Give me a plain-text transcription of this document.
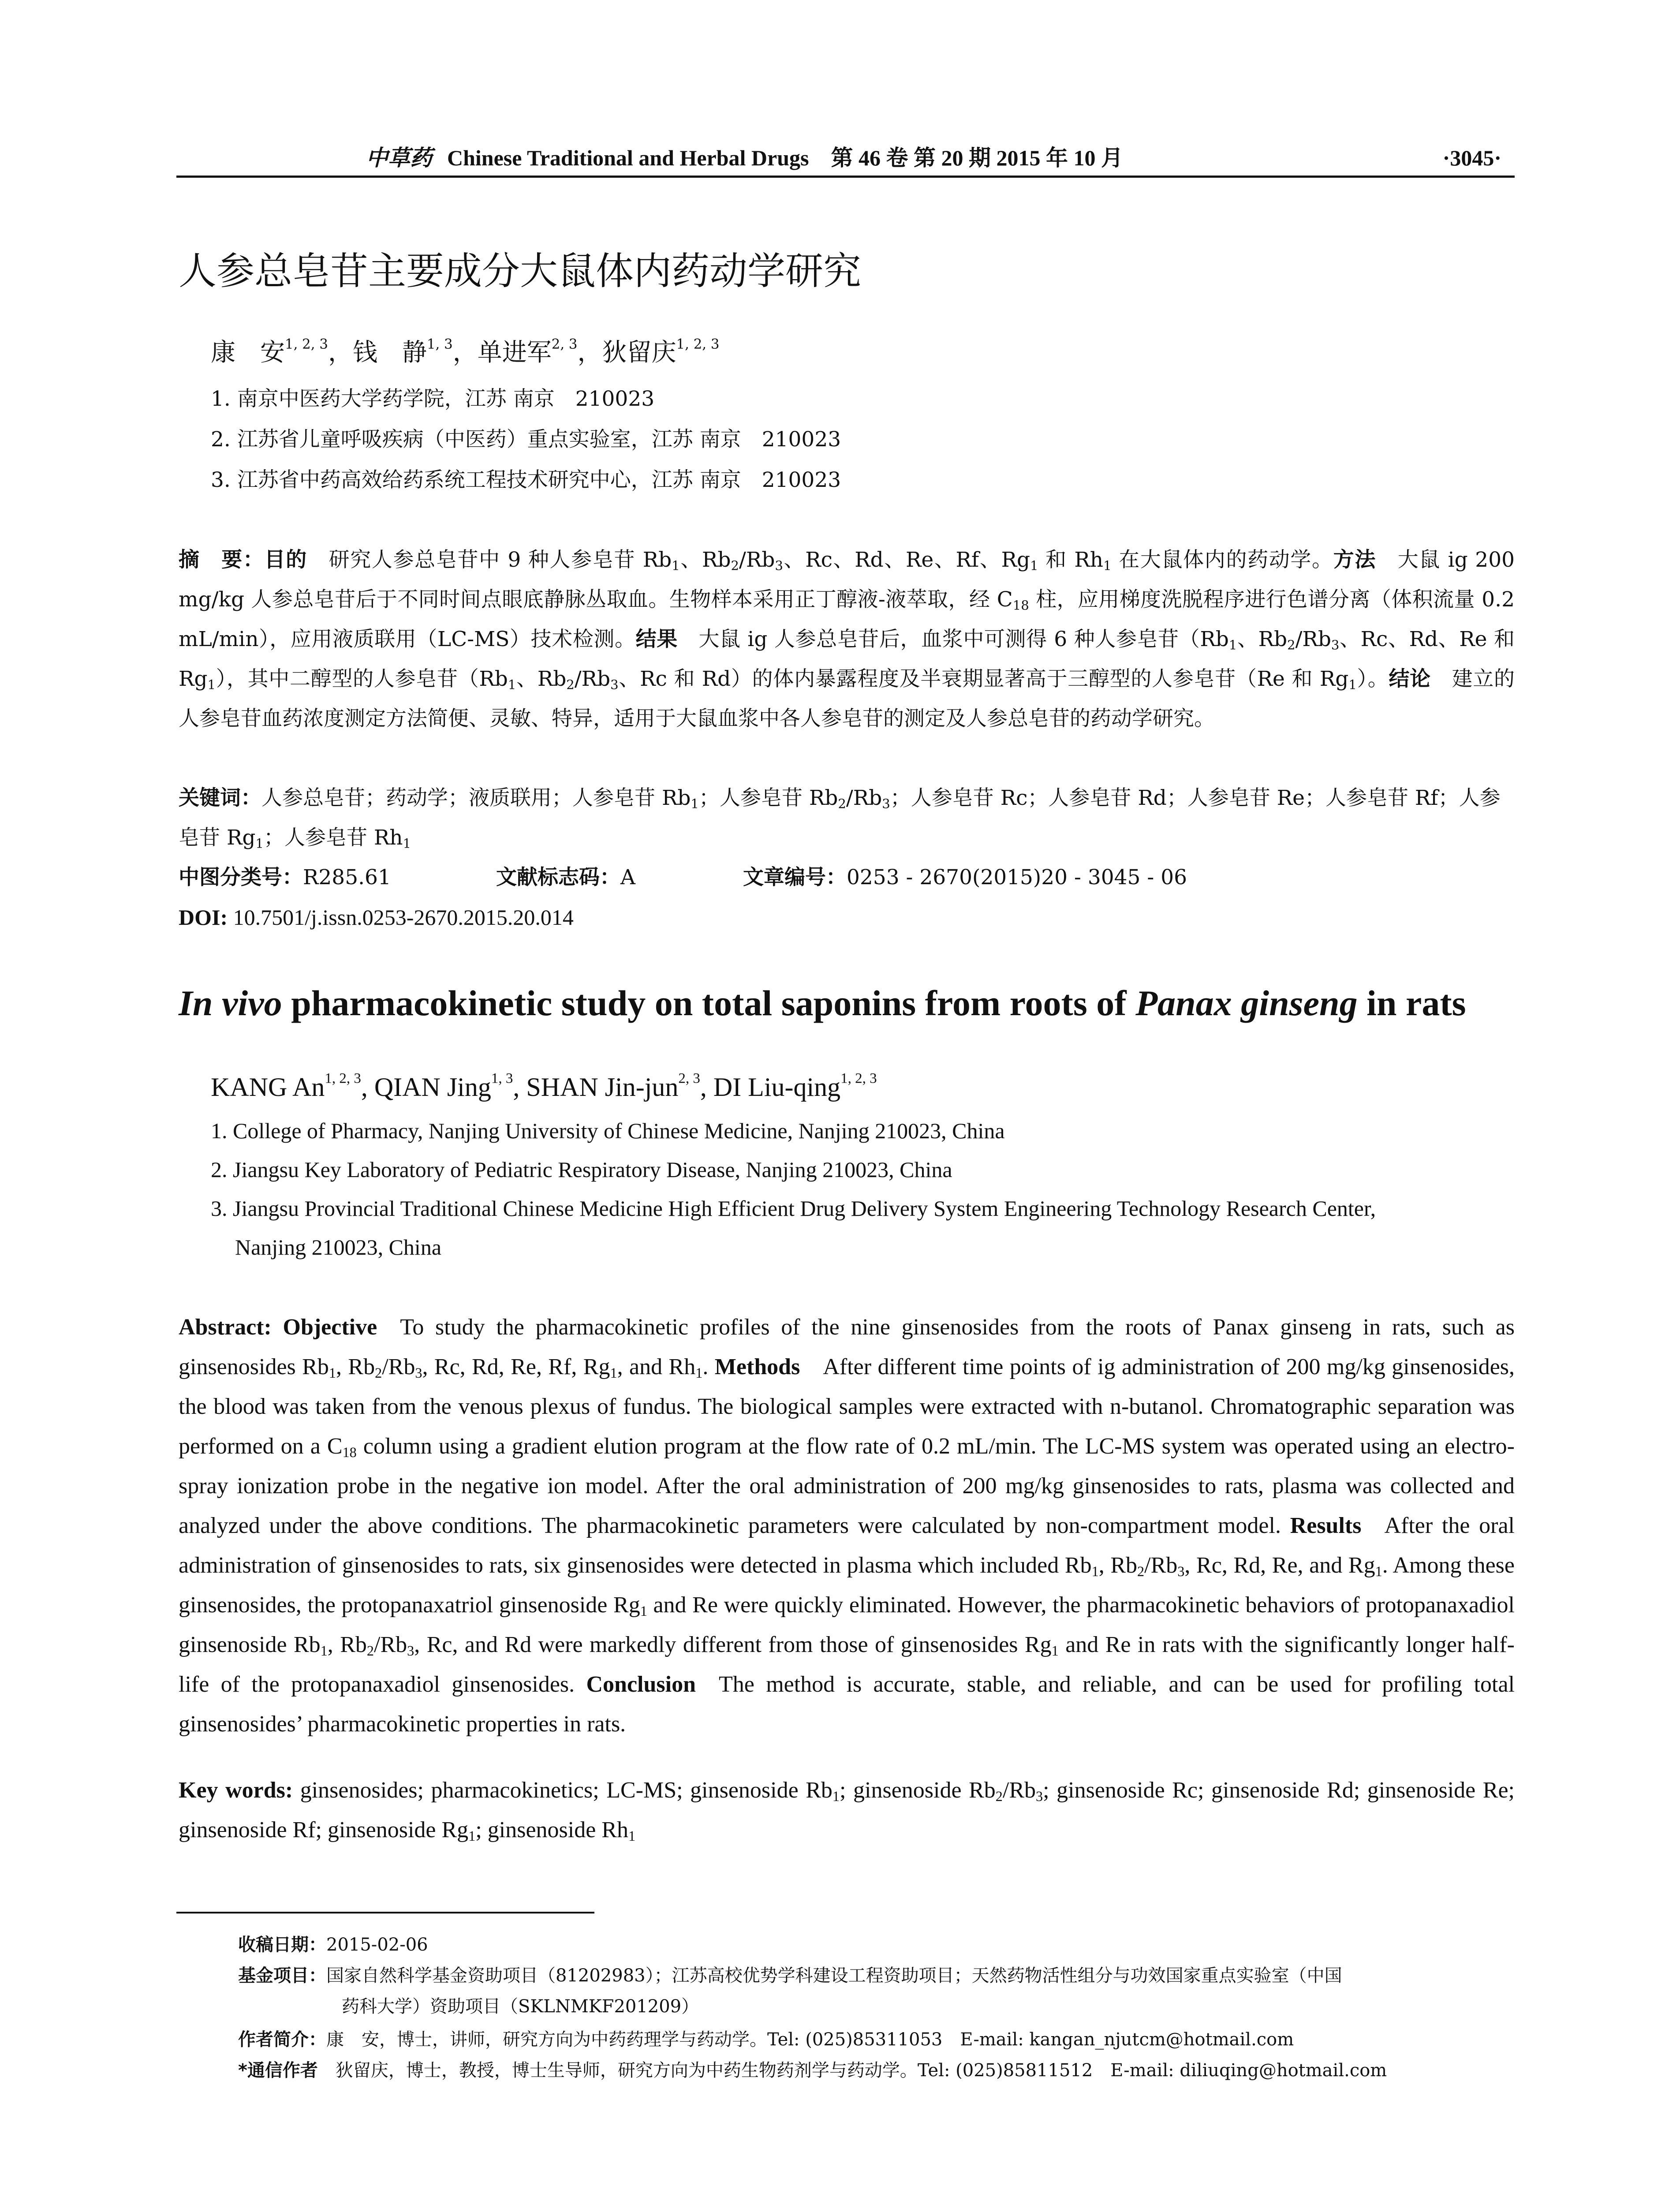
中草药 Chinese Traditional and Herbal Drugs  第 46 卷 第 20 期 2015 年 10 月	·3045·
人参总皂苷主要成分大鼠体内药动学研究
康　安$^{1, 2, 3}$，钱　静$^{1, 3}$，单进军$^{2, 3}$，狄留庆$^{1, 2, 3}$
1. 南京中医药大学药学院，江苏 南京　210023
2. 江苏省儿童呼吸疾病（中医药）重点实验室，江苏 南京　210023
3. 江苏省中药高效给药系统工程技术研究中心，江苏 南京　210023
摘　要：目的　 研究人参总皂苷中 9 种人参皂苷 $Rb_1$、$Rb_2/Rb_3$、Rc、Rd、Re、Rf、$Rg_1$ 和 $Rh_1$ 在大鼠体内的药动学。方法　 大鼠 ig 200 mg/kg 人参总皂苷后于不同时间点眼底静脉丛取血。生物样本采用正丁醇液-液萃取，经 $C_{18}$ 柱，应用梯度洗脱程序进行色谱分离（体积流量 0.2 mL/min），应用液质联用（LC-MS）技术检测。结果　 大鼠 ig 人参总皂苷后，血浆中可测得 6 种人参皂苷（$Rb_1$、$Rb_2/Rb_3$、Rc、Rd、Re 和 $Rg_1$），其中二醇型的人参皂苷（$Rb_1$、$Rb_2/Rb_3$、Rc 和 Rd）的体内暴露程度及半衰期显著高于三醇型的人参皂苷（Re 和 $Rg_1$）。结论　 建立的人参皂苷血药浓度测定方法简便、灵敏、特异，适用于大鼠血浆中各人参皂苷的测定及人参总皂苷的药动学研究。
关键词：人参总皂苷；药动学；液质联用；人参皂苷 $Rb_1$；人参皂苷 $Rb_2/Rb_3$；人参皂苷 Rc；人参皂苷 Rd；人参皂苷 Re；人参皂苷 Rf；人参皂苷 $Rg_1$；人参皂苷 $Rh_1$
中图分类号：R285.61	文献标志码：A	文章编号：0253 - 2670(2015)20 - 3045 - 06
DOI: 10.7501/j.issn.0253-2670.2015.20.014
In vivo pharmacokinetic study on total saponins from roots of Panax ginseng in rats
KANG An$^{1, 2, 3}$, QIAN Jing$^{1, 3}$, SHAN Jin-jun$^{2, 3}$, DI Liu-qing$^{1, 2, 3}$
1. College of Pharmacy, Nanjing University of Chinese Medicine, Nanjing 210023, China
2. Jiangsu Key Laboratory of Pediatric Respiratory Disease, Nanjing 210023, China
3. Jiangsu Provincial Traditional Chinese Medicine High Efficient Drug Delivery System Engineering Technology Research Center,
Nanjing 210023, China
Abstract: Objective  To study the pharmacokinetic profiles of the nine ginsenosides from the roots of Panax ginseng in rats, such as ginsenosides $Rb_1$, $Rb_2/Rb_3$, Rc, Rd, Re, Rf, $Rg_1$, and $Rh_1$. Methods  After different time points of ig administration of 200 mg/kg ginsenosides, the blood was taken from the venous plexus of fundus. The biological samples were extracted with n-butanol. Chromatographic separation was performed on a $C_{18}$ column using a gradient elution program at the flow rate of 0.2 mL/min. The LC-MS system was operated using an electro-spray ionization probe in the negative ion model. After the oral administration of 200 mg/kg ginsenosides to rats, plasma was collected and analyzed under the above conditions. The pharmacokinetic parameters were calculated by non-compartment model. Results  After the oral administration of ginsenosides to rats, six ginsenosides were detected in plasma which included $Rb_1$, $Rb_2/Rb_3$, Rc, Rd, Re, and $Rg_1$. Among these ginsenosides, the protopanaxatriol ginsenoside $Rg_1$ and Re were quickly eliminated. However, the pharmacokinetic behaviors of protopanaxadiol ginsenoside $Rb_1$, $Rb_2/Rb_3$, Rc, and Rd were markedly different from those of ginsenosides $Rg_1$ and Re in rats with the significantly longer half-life of the protopanaxadiol ginsenosides. Conclusion  The method is accurate, stable, and reliable, and can be used for profiling total ginsenosides’ pharmacokinetic properties in rats.
Key words: ginsenosides; pharmacokinetics; LC-MS; ginsenoside $Rb_1$; ginsenoside $Rb_2/Rb_3$; ginsenoside Rc; ginsenoside Rd; ginsenoside Re; ginsenoside Rf; ginsenoside $Rg_1$; ginsenoside $Rh_1$
收稿日期：2015-02-06
基金项目：国家自然科学基金资助项目（81202983）；江苏高校优势学科建设工程资助项目；天然药物活性组分与功效国家重点实验室（中国
药科大学）资助项目（SKLNMKF201209）
作者简介：康　安，博士，讲师，研究方向为中药药理学与药动学。Tel: (025)85311053　E-mail: kangan_njutcm@hotmail.com
*通信作者  狄留庆，博士，教授，博士生导师，研究方向为中药生物药剂学与药动学。Tel: (025)85811512　E-mail: diliuqing@hotmail.com
